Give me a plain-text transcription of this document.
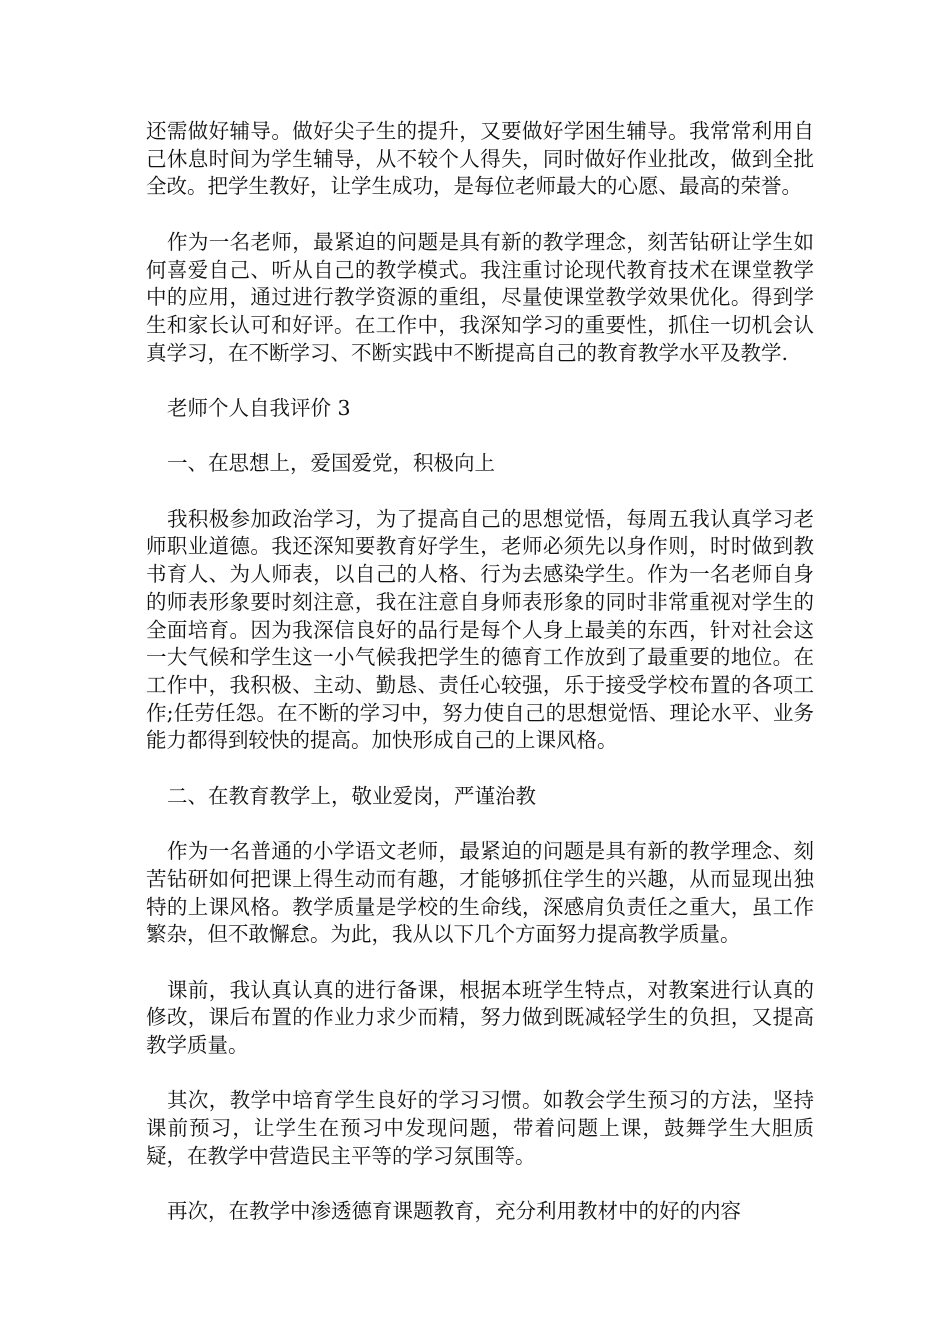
还需做好辅导。做好尖子生的提升，又要做好学困生辅导。我常常利用自己休息时间为学生辅导，从不较个人得失，同时做好作业批改，做到全批全改。把学生教好，让学生成功，是每位老师最大的心愿、最高的荣誉。

作为一名老师，最紧迫的问题是具有新的教学理念，刻苦钻研让学生如何喜爱自己、听从自己的教学模式。我注重讨论现代教育技术在课堂教学中的应用，通过进行教学资源的重组，尽量使课堂教学效果优化。得到学生和家长认可和好评。在工作中，我深知学习的重要性，抓住一切机会认真学习，在不断学习、不断实践中不断提高自己的教育教学水平及教学.

老师个人自我评价 3

一、在思想上，爱国爱党，积极向上

我积极参加政治学习，为了提高自己的思想觉悟，每周五我认真学习老师职业道德。我还深知要教育好学生，老师必须先以身作则，时时做到教书育人、为人师表，以自己的人格、行为去感染学生。作为一名老师自身的师表形象要时刻注意，我在注意自身师表形象的同时非常重视对学生的全面培育。因为我深信良好的品行是每个人身上最美的东西，针对社会这一大气候和学生这一小气候我把学生的德育工作放到了最重要的地位。在工作中，我积极、主动、勤恳、责任心较强，乐于接受学校布置的各项工作;任劳任怨。在不断的学习中，努力使自己的思想觉悟、理论水平、业务能力都得到较快的提高。加快形成自己的上课风格。

二、在教育教学上，敬业爱岗，严谨治教

作为一名普通的小学语文老师，最紧迫的问题是具有新的教学理念、刻苦钻研如何把课上得生动而有趣，才能够抓住学生的兴趣，从而显现出独特的上课风格。教学质量是学校的生命线，深感肩负责任之重大，虽工作繁杂，但不敢懈怠。为此，我从以下几个方面努力提高教学质量。

课前，我认真认真的进行备课，根据本班学生特点，对教案进行认真的修改，课后布置的作业力求少而精，努力做到既减轻学生的负担，又提高教学质量。

其次，教学中培育学生良好的学习习惯。如教会学生预习的方法，坚持课前预习，让学生在预习中发现问题，带着问题上课，鼓舞学生大胆质疑，在教学中营造民主平等的学习氛围等。

再次，在教学中渗透德育课题教育，充分利用教材中的好的内容
